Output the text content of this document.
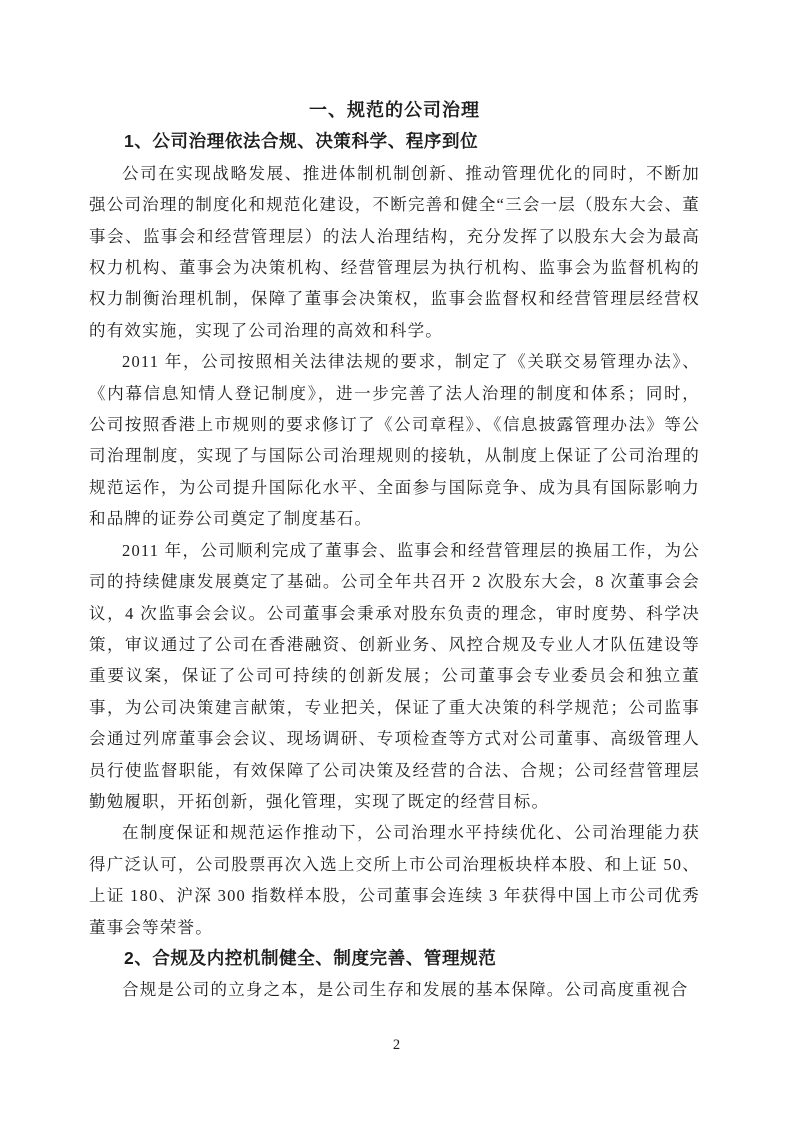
一、规范的公司治理
1、公司治理依法合规、决策科学、程序到位

公司在实现战略发展、推进体制机制创新、推动管理优化的同时，不断加强公司治理的制度化和规范化建设，不断完善和健全“三会一层（股东大会、董事会、监事会和经营管理层）的法人治理结构，充分发挥了以股东大会为最高权力机构、董事会为决策机构、经营管理层为执行机构、监事会为监督机构的权力制衡治理机制，保障了董事会决策权，监事会监督权和经营管理层经营权的有效实施，实现了公司治理的高效和科学。

2011 年，公司按照相关法律法规的要求，制定了《关联交易管理办法》、《内幕信息知情人登记制度》，进一步完善了法人治理的制度和体系；同时，公司按照香港上市规则的要求修订了《公司章程》、《信息披露管理办法》等公司治理制度，实现了与国际公司治理规则的接轨，从制度上保证了公司治理的规范运作，为公司提升国际化水平、全面参与国际竞争、成为具有国际影响力和品牌的证券公司奠定了制度基石。

2011 年，公司顺利完成了董事会、监事会和经营管理层的换届工作，为公司的持续健康发展奠定了基础。公司全年共召开 2 次股东大会，8 次董事会会议，4 次监事会会议。公司董事会秉承对股东负责的理念，审时度势、科学决策，审议通过了公司在香港融资、创新业务、风控合规及专业人才队伍建设等重要议案，保证了公司可持续的创新发展；公司董事会专业委员会和独立董事，为公司决策建言献策，专业把关，保证了重大决策的科学规范；公司监事会通过列席董事会会议、现场调研、专项检查等方式对公司董事、高级管理人员行使监督职能，有效保障了公司决策及经营的合法、合规；公司经营管理层勤勉履职，开拓创新，强化管理，实现了既定的经营目标。

在制度保证和规范运作推动下，公司治理水平持续优化、公司治理能力获得广泛认可，公司股票再次入选上交所上市公司治理板块样本股、和上证 50、上证 180、沪深 300 指数样本股，公司董事会连续 3 年获得中国上市公司优秀董事会等荣誉。

2、合规及内控机制健全、制度完善、管理规范

合规是公司的立身之本，是公司生存和发展的基本保障。公司高度重视合

2
